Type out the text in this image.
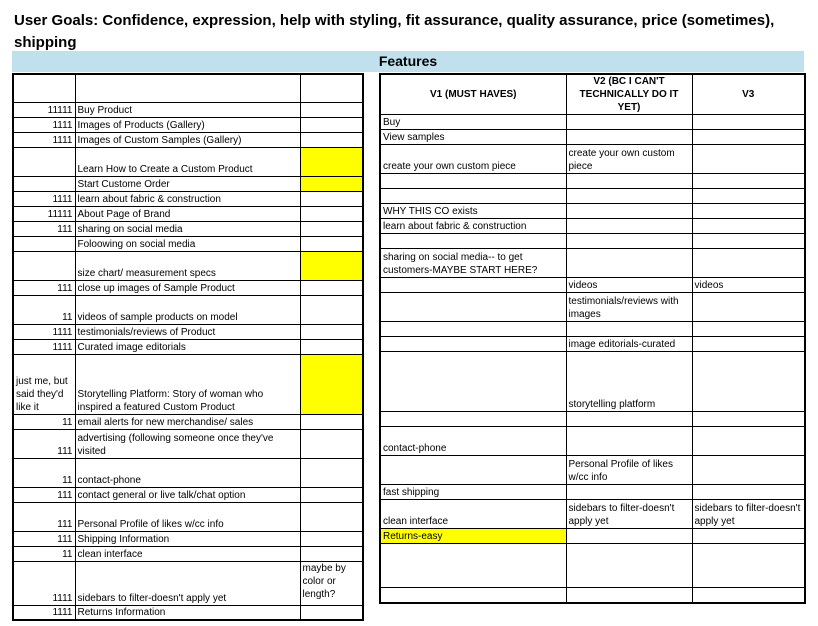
User Goals: Confidence, expression, help with styling, fit assurance, quality assurance, price (sometimes), shipping
Features

11111	Buy Product	
1111	Images of Products (Gallery)	
1111	Images of Custom Samples (Gallery)	
	Learn How to Create a Custom Product	
	Start Custome Order	
1111	learn about fabric & construction	
11111	About Page of Brand	
111	sharing on social media	
	Foloowing on social media	
	size chart/ measurement specs	
111	close up images of Sample Product	
11	videos of sample products on model	
1111	testimonials/reviews of Product	
1111	Curated image editorials	
just me, but said they'd like it	Storytelling Platform: Story of woman who inspired a featured Custom Product	
11	email alerts for new merchandise/ sales	
111	advertising (following someone once they've visited	
11	contact-phone	
111	contact general or live talk/chat option	
111	Personal Profile of likes w/cc info	
111	Shipping Information	
11	clean interface	
1111	sidebars to filter-doesn't apply yet	maybe by color or length?
1111	Returns Information	
V1 (MUST HAVES)	V2 (BC I CAN'T TECHNICALLY DO IT YET)	V3
Buy		
View samples		
create your own custom piece	create your own custom piece	

WHY THIS CO exists		
learn about fabric & construction		

sharing on social media-- to get customers-MAYBE START HERE?		
	videos	videos
	testimonials/reviews with images	

	image editorials-curated	
	storytelling platform	

contact-phone		
	Personal Profile of likes w/cc info	
fast shipping		
clean interface	sidebars to filter-doesn't apply yet	sidebars to filter-doesn't apply yet
Returns-easy		
